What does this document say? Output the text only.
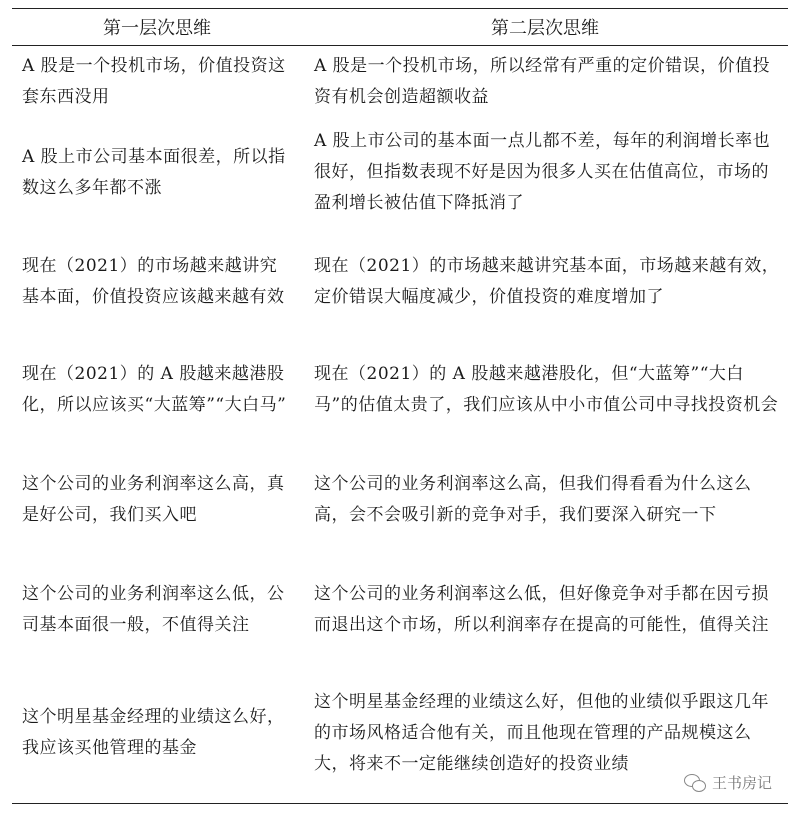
第一层次思维	第二层次思维
A 股是一个投机市场，价值投资这套东西没用	A 股是一个投机市场，所以经常有严重的定价错误，价值投资有机会创造超额收益
A 股上市公司基本面很差，所以指数这么多年都不涨	A 股上市公司的基本面一点儿都不差，每年的利润增长率也很好，但指数表现不好是因为很多人买在估值高位，市场的盈利增长被估值下降抵消了
现在（2021）的市场越来越讲究基本面，价值投资应该越来越有效	现在（2021）的市场越来越讲究基本面，市场越来越有效，定价错误大幅度减少，价值投资的难度增加了
现在（2021）的 A 股越来越港股化，所以应该买“大蓝筹”“大白马”	现在（2021）的 A 股越来越港股化，但“大蓝筹”“大白马”的估值太贵了，我们应该从中小市值公司中寻找投资机会
这个公司的业务利润率这么高，真是好公司，我们买入吧	这个公司的业务利润率这么高，但我们得看看为什么这么高，会不会吸引新的竞争对手，我们要深入研究一下
这个公司的业务利润率这么低，公司基本面很一般，不值得关注	这个公司的业务利润率这么低，但好像竞争对手都在因亏损而退出这个市场，所以利润率存在提高的可能性，值得关注
这个明星基金经理的业绩这么好，我应该买他管理的基金	这个明星基金经理的业绩这么好，但他的业绩似乎跟这几年的市场风格适合他有关，而且他现在管理的产品规模这么大，将来不一定能继续创造好的投资业绩
王书房记
